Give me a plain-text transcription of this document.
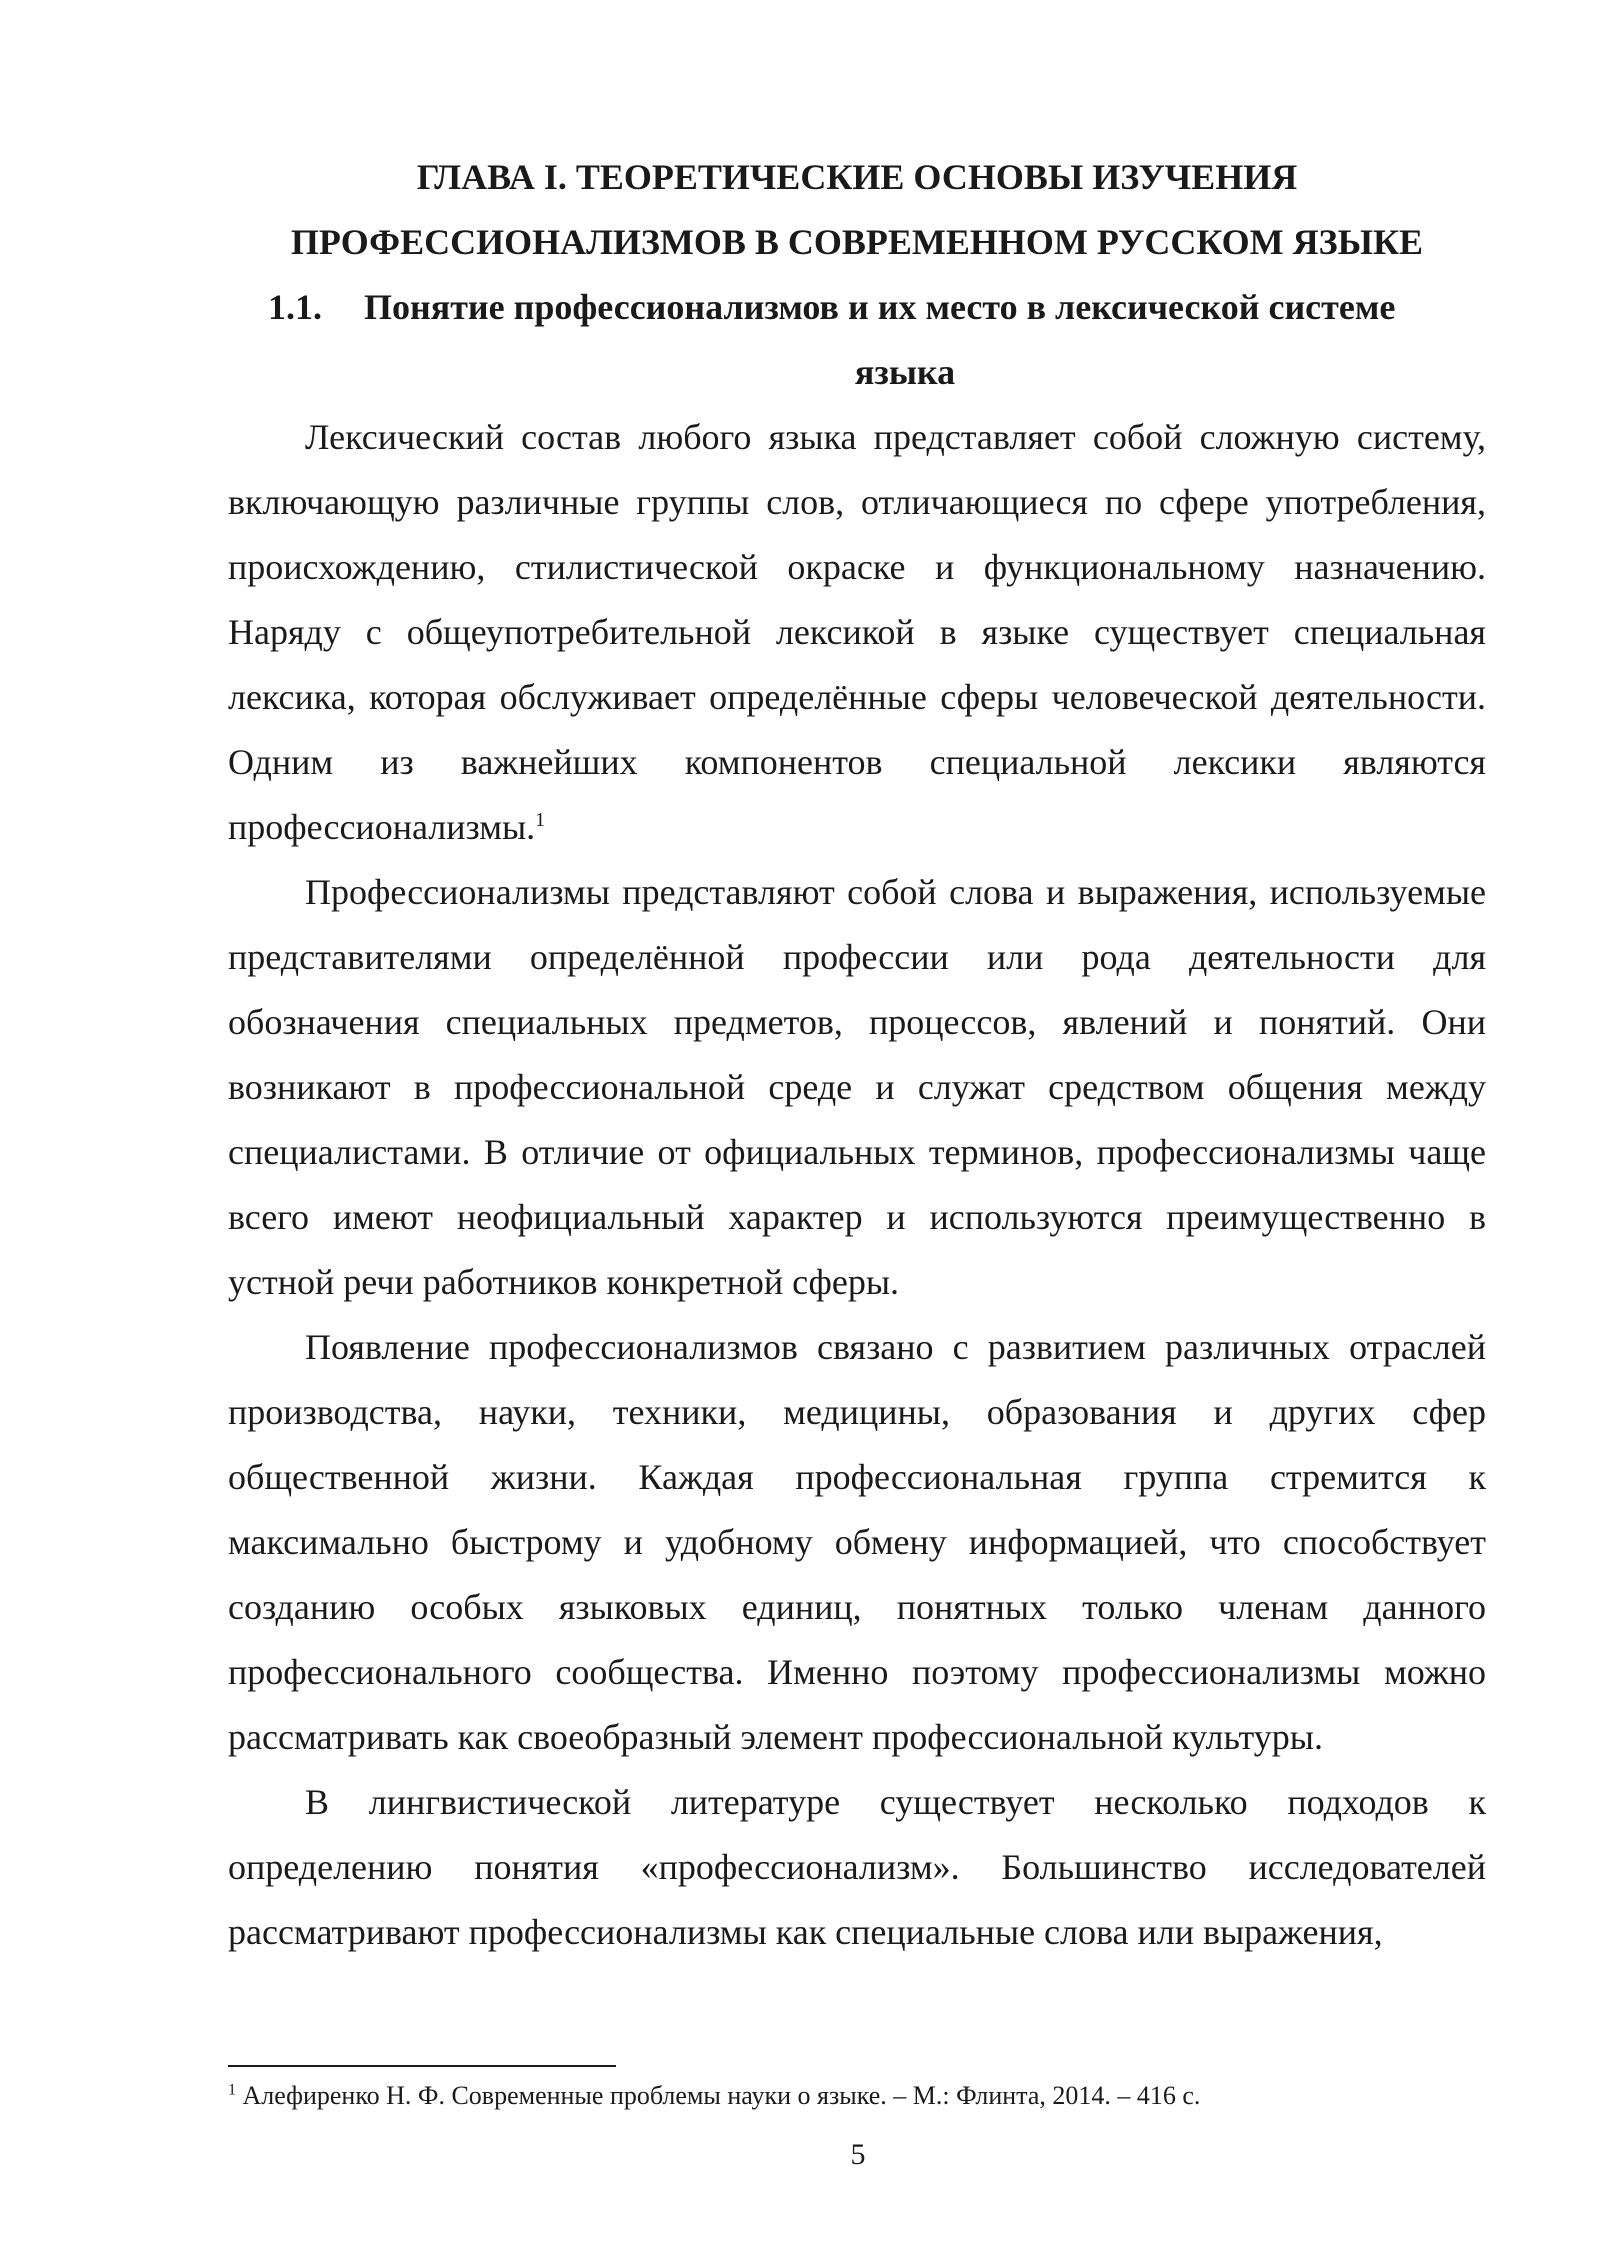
ГЛАВА I. ТЕОРЕТИЧЕСКИЕ ОСНОВЫ ИЗУЧЕНИЯ
ПРОФЕССИОНАЛИЗМОВ В СОВРЕМЕННОМ РУССКОМ ЯЗЫКЕ
1.1.	Понятие профессионализмов и их место в лексической системе
языка

Лексический состав любого языка представляет собой сложную систему, включающую различные группы слов, отличающиеся по сфере употребления, происхождению, стилистической окраске и функциональному назначению. Наряду с общеупотребительной лексикой в языке существует специальная лексика, которая обслуживает определённые сферы человеческой деятельности. Одним из важнейших компонентов специальной лексики являются профессионализмы.$^1$

Профессионализмы представляют собой слова и выражения, используемые представителями определённой профессии или рода деятельности для обозначения специальных предметов, процессов, явлений и понятий. Они возникают в профессиональной среде и служат средством общения между специалистами. В отличие от официальных терминов, профессионализмы чаще всего имеют неофициальный характер и используются преимущественно в устной речи работников конкретной сферы.

Появление профессионализмов связано с развитием различных отраслей производства, науки, техники, медицины, образования и других сфер общественной жизни. Каждая профессиональная группа стремится к максимально быстрому и удобному обмену информацией, что способствует созданию особых языковых единиц, понятных только членам данного профессионального сообщества. Именно поэтому профессионализмы можно рассматривать как своеобразный элемент профессиональной культуры.

В лингвистической литературе существует несколько подходов к определению понятия «профессионализм». Большинство исследователей рассматривают профессионализмы как специальные слова или выражения,

$^1$ Алефиренко Н. Ф. Современные проблемы науки о языке. – М.: Флинта, 2014. – 416 с.
5
